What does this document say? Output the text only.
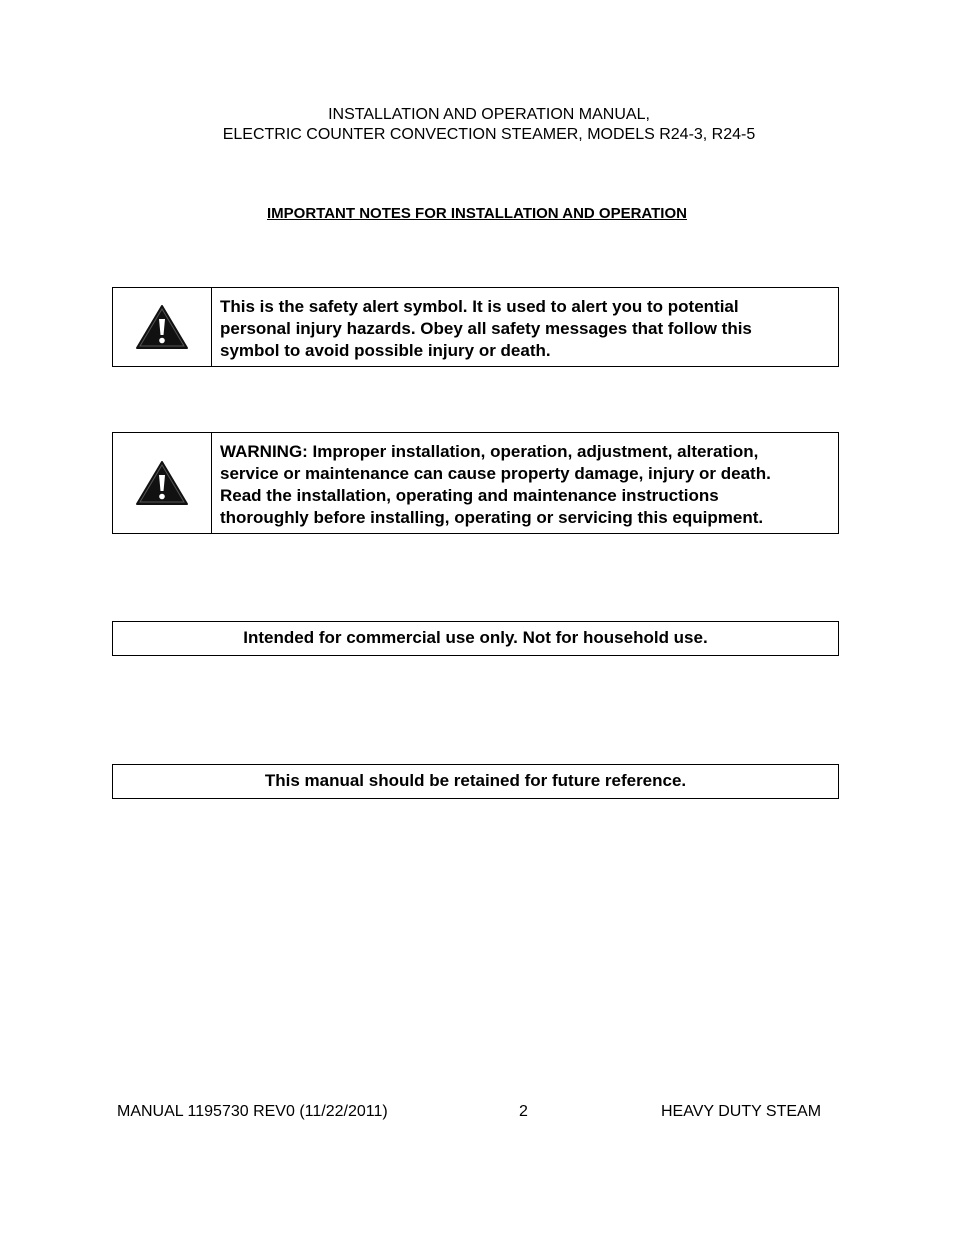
INSTALLATION AND OPERATION MANUAL,
ELECTRIC COUNTER CONVECTION STEAMER, MODELS R24-3, R24-5
IMPORTANT NOTES FOR INSTALLATION AND OPERATION
This is the safety alert symbol. It is used to alert you to potential
personal injury hazards. Obey all safety messages that follow this
symbol to avoid possible injury or death.
WARNING: Improper installation, operation, adjustment, alteration,
service or maintenance can cause property damage, injury or death.
Read the installation, operating and maintenance instructions
thoroughly before installing, operating or servicing this equipment.
Intended for commercial use only. Not for household use.
This manual should be retained for future reference.
MANUAL 1195730 REV0 (11/22/2011)	2	HEAVY DUTY STEAM
